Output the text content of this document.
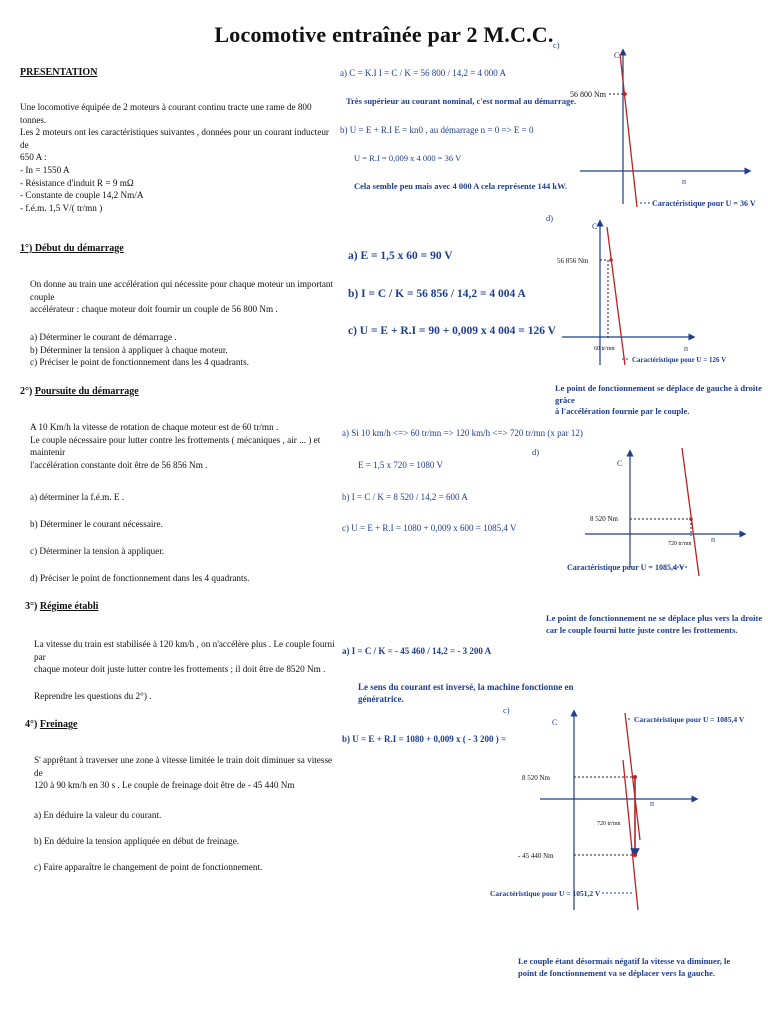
Locomotive entraînée par 2 M.C.C.
PRESENTATION
Une locomotive équipée de 2 moteurs à courant continu tracte une rame de 800 tonnes.
Les 2 moteurs ont les caractéristiques suivantes , données pour un courant inducteur de
650 A :
- In = 1550 A
- Résistance d'induit R = 9 mΩ
- Constante de couple 14,2 Nm/A
- f.é.m. 1,5 V/( tr/mn )
1°) Début du démarrage
On donne au train une accélération qui nécessite pour chaque moteur un important couple
accélérateur : chaque moteur doit fournir un couple de 56 800 Nm .
a) Déterminer le courant de démarrage .
b) Déterminer la tension à appliquer à chaque moteur.
c) Préciser le point de fonctionnement dans les 4 quadrants.
2°) Poursuite du démarrage
A 10 Km/h la vitesse de rotation de chaque moteur est de 60 tr/mn .
Le couple nécessaire pour lutter contre les frottements ( mécaniques , air ... ) et maintenir
l'accélération constante doit être de 56 856 Nm .
a) déterminer la f.é.m. E .
b) Déterminer le courant nécessaire.
c) Déterminer la tension à appliquer.
d) Préciser le point de fonctionnement dans les 4 quadrants.
3°) Régime établi
La vitesse du train est stabilisée à 120 km/h , on n'accélère plus . Le couple fourni par
chaque moteur doit juste lutter contre les frottements ; il doit être de 8520 Nm .
Reprendre les questions du 2°) .
4°) Freinage
S' apprêtant à traverser une zone à vitesse limitée le train doit diminuer sa vitesse de
120 à 90 km/h en 30 s . Le couple de freinage doit être de - 45 440 Nm
a) En déduire la valeur du courant.
b) En déduire la tension appliquée en début de freinage.
c) Faire apparaître le changement de point de fonctionnement.
a) C = K.I I = C / K = 56 800 / 14,2 = 4 000 A
Très supérieur au courant nominal, c'est normal au démarrage.
b) U = E + R.I E = kn0 , au démarrage n = 0 => E = 0
U = R.I = 0,009 x 4 000 = 36 V
Cela semble peu mais avec 4 000 A cela représente 144 kW.
c)
d)
a) E = 1,5 x 60 = 90 V
b) I = C / K = 56 856 / 14,2 = 4 004 A
c) U = E + R.I = 90 + 0,009 x 4 004 = 126 V
Le point de fonctionnement se déplace de gauche à droite grâce
à l'accélération fournie par le couple.
a) Si 10 km/h <=> 60 tr/mn => 120 km/h <=> 720 tr/mn (x par 12)
d)
E = 1,5 x 720 = 1080 V
b) I = C / K = 8 520 / 14,2 = 600 A
c) U = E + R.I = 1080 + 0,009 x 600 = 1085,4 V
Le point de fonctionnement ne se déplace plus vers la droite
car le couple fourni lutte juste contre les frottements.
a) I = C / K = - 45 460 / 14,2 = - 3 200 A
Le sens du courant est inversé, la machine fonctionne en
génératrice.
c)
b) U = E + R.I = 1080 + 0,009 x ( - 3 200 ) =
Le couple étant désormais négatif la vitesse va diminuer, le
point de fonctionnement va se déplacer vers la gauche.
C
n
56 800 Nm
Caractéristique pour U = 36 V
C
n
56 856 Nm
60 tr/mn
Caractéristique pour U = 126 V
C
n
8 520 Nm
720 tr/mn
Caractéristique pour U = 1085,4 V
C
n
8 520 Nm
- 45 440 Nm
720 tr/mn
Caractéristique pour U = 1085,4 V
Caractéristique pour U = 1051,2 V
